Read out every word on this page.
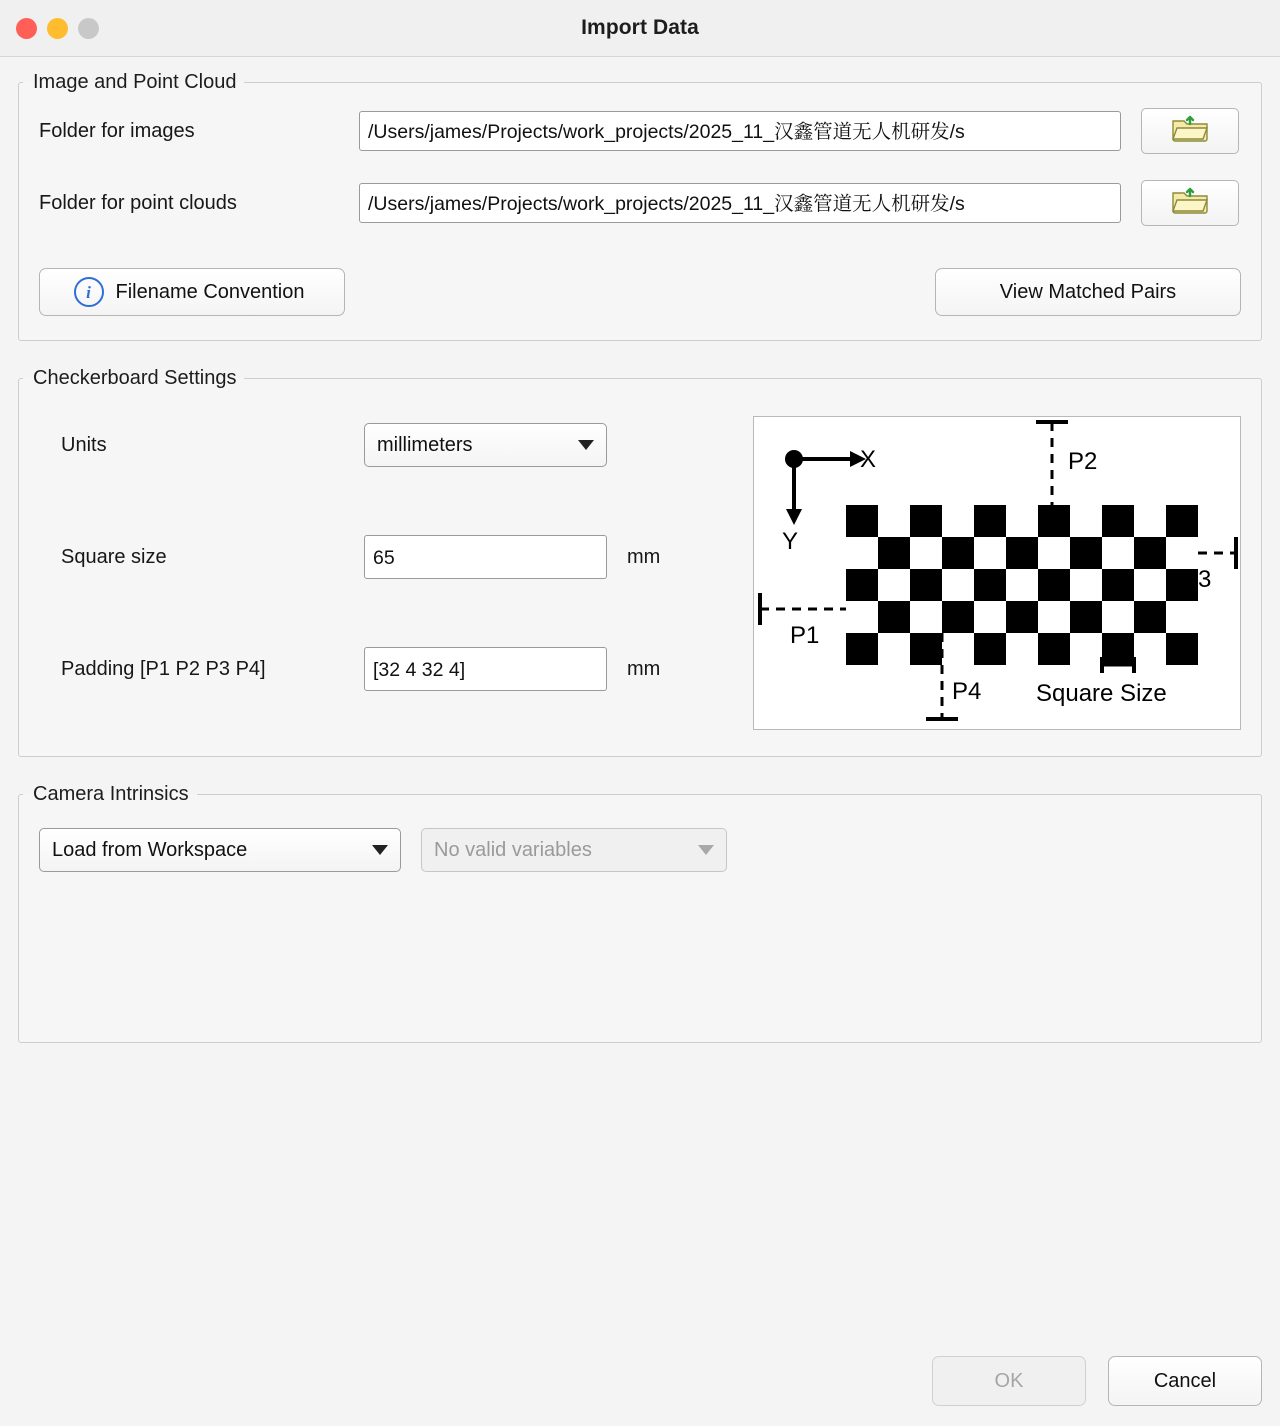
Import Data
Image and Point Cloud
Folder for images	/Users/james/Projects/work_projects/2025_11_汉鑫管道无人机研发/s
Folder for point clouds	/Users/james/Projects/work_projects/2025_11_汉鑫管道无人机研发/s
i	Filename Convention	View Matched Pairs
Checkerboard Settings
Units	millimeters
Square size	65	mm
Padding [P1 P2 P3 P4]	[32 4 32 4]	mm
X
Y
P2
P3
P1
P4 Square Size
Camera Intrinsics
Load from Workspace	No valid variables
OK	Cancel
